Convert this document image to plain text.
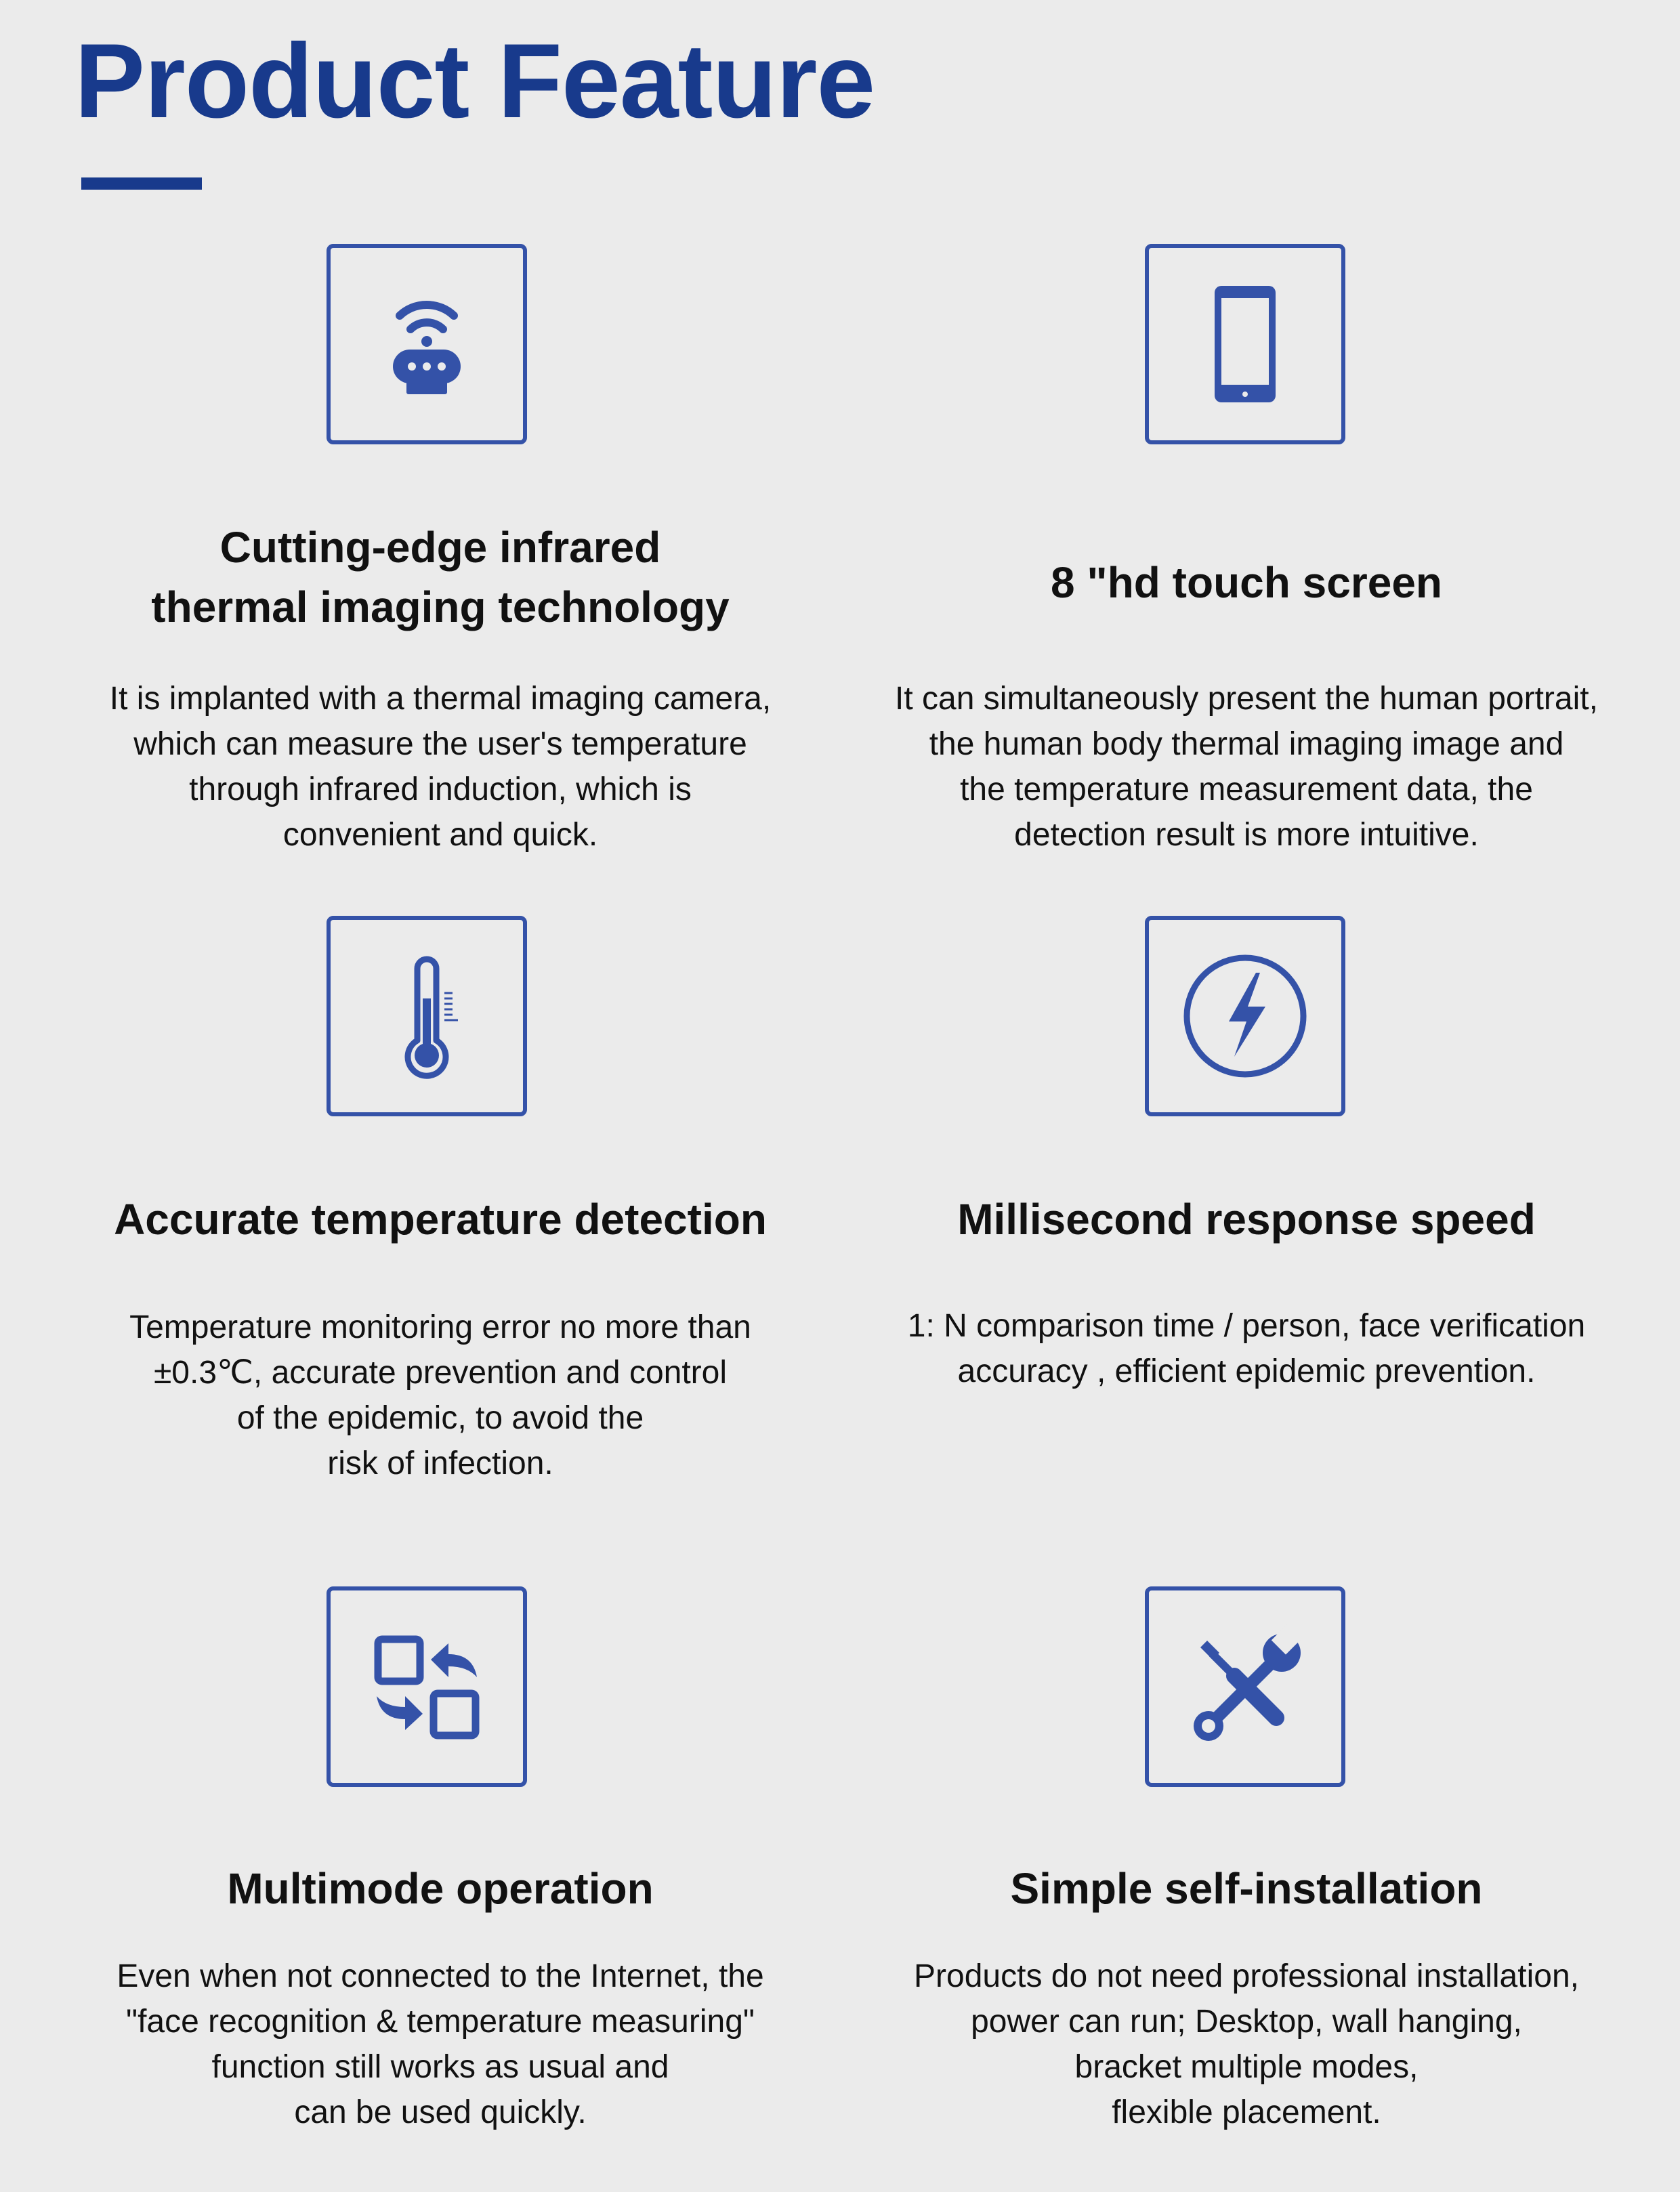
Product Feature
Cutting-edge infrared
thermal imaging technology

It is implanted with a thermal imaging camera,
which can measure the user's temperature
through infrared induction, which is
convenient and quick.

8 "hd touch screen

It can simultaneously present the human portrait,
the human body thermal imaging image and
the temperature measurement data, the
detection result is more intuitive.

Accurate temperature detection

Temperature monitoring error no more than
±0.3℃, accurate prevention and control
of the epidemic, to avoid the
risk of infection.

Millisecond response speed

1: N comparison time / person, face verification
accuracy , efficient epidemic prevention.

Multimode operation

Even when not connected to the Internet, the
"face recognition & temperature measuring"
function still works as usual and
can be used quickly.

Simple self-installation

Products do not need professional installation,
power can run; Desktop, wall hanging,
bracket multiple modes,
flexible placement.
